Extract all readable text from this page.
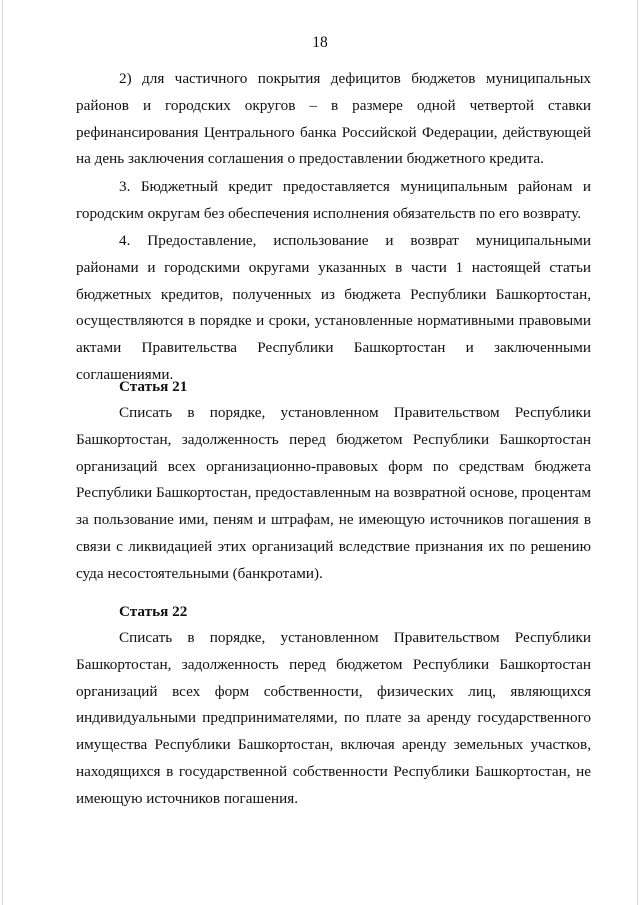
18

2) для частичного покрытия дефицитов бюджетов муниципальных районов и городских округов – в размере одной четвертой ставки рефинансирования Центрального банка Российской Федерации, действующей на день заключения соглашения о предоставлении бюджетного кредита.

3. Бюджетный кредит предоставляется муниципальным районам и городским округам без обеспечения исполнения обязательств по его возврату.

4. Предоставление, использование и возврат муниципальными районами и городскими округами указанных в части 1 настоящей статьи бюджетных кредитов, полученных из бюджета Республики Башкортостан, осуществляются в порядке и сроки, установленные нормативными правовыми актами Правительства Республики Башкортостан и заключенными соглашениями.

Статья 21

Списать в порядке, установленном Правительством Республики Башкортостан, задолженность перед бюджетом Республики Башкортостан организаций всех организационно-правовых форм по средствам бюджета Республики Башкортостан, предоставленным на возвратной основе, процентам за пользование ими, пеням и штрафам, не имеющую источников погашения в связи с ликвидацией этих организаций вследствие признания их по решению суда несостоятельными (банкротами).

Статья 22

Списать в порядке, установленном Правительством Республики Башкортостан, задолженность перед бюджетом Республики Башкортостан организаций всех форм собственности, физических лиц, являющихся индивидуальными предпринимателями, по плате за аренду государственного имущества Республики Башкортостан, включая аренду земельных участков, находящихся в государственной собственности Республики Башкортостан, не имеющую источников погашения.
